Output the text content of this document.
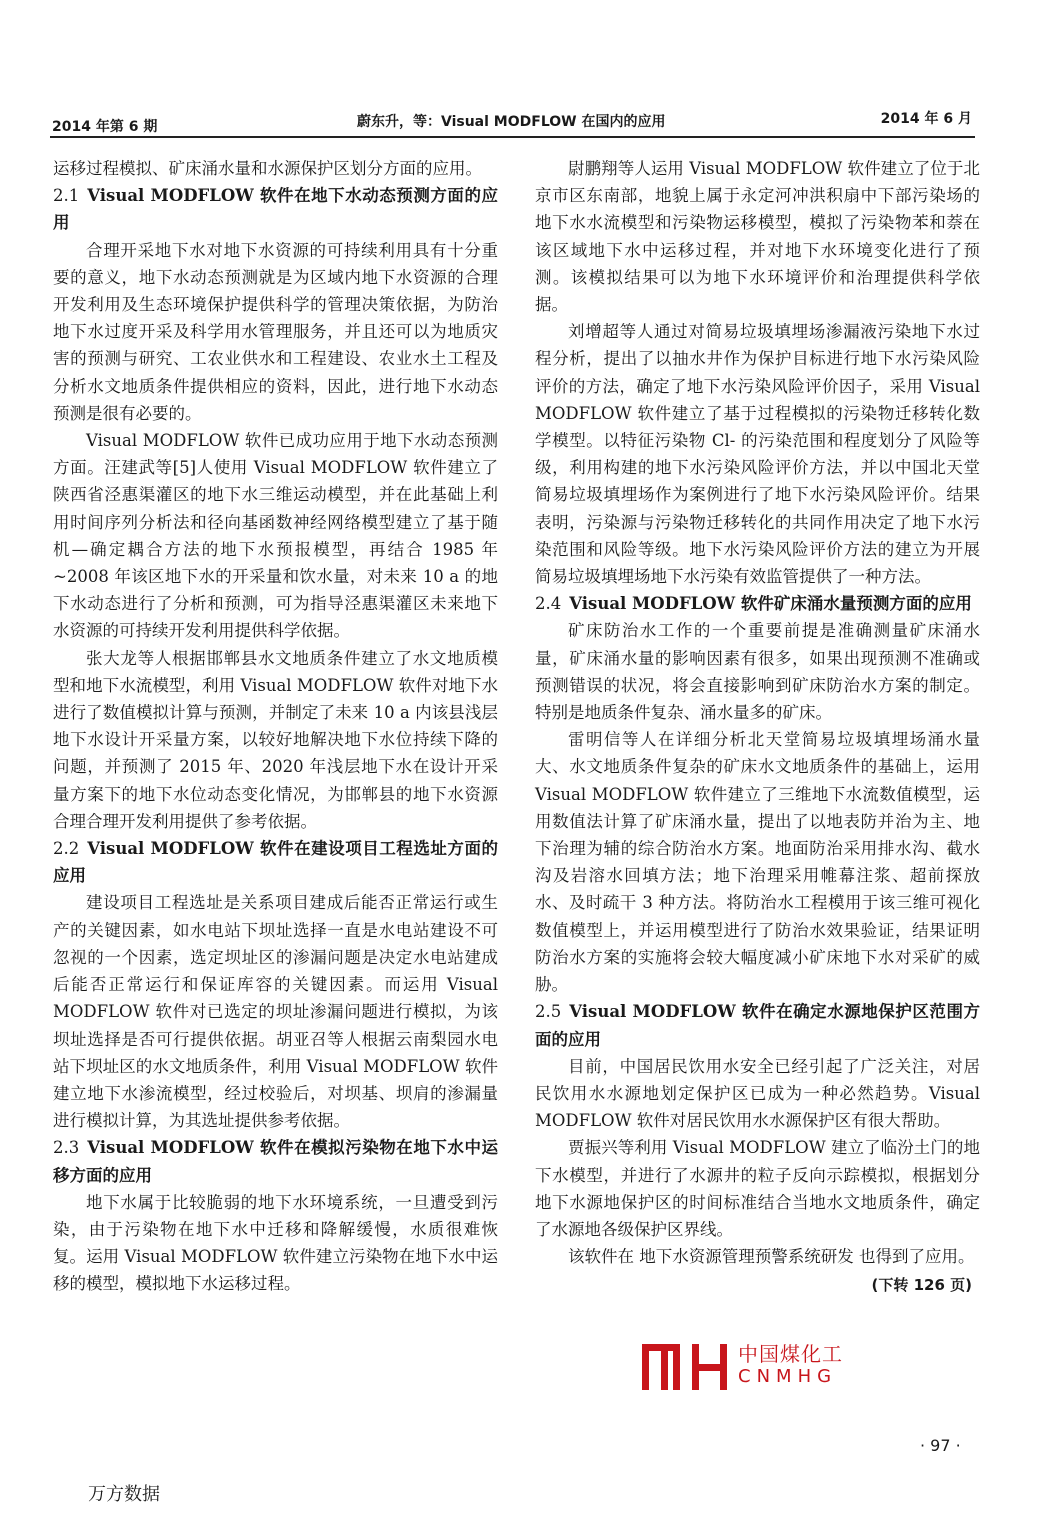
2014 年第 6 期	蔚东升，等：Visual MODFLOW 在国内的应用	2014 年 6 月

运移过程模拟、矿床涌水量和水源保护区划分方面的应用。

2.1 Visual MODFLOW 软件在地下水动态预测方面的应用

合理开采地下水对地下水资源的可持续利用具有十分重要的意义，地下水动态预测就是为区域内地下水资源的合理开发利用及生态环境保护提供科学的管理决策依据，为防治地下水过度开采及科学用水管理服务，并且还可以为地质灾害的预测与研究、工农业供水和工程建设、农业水土工程及分析水文地质条件提供相应的资料，因此，进行地下水动态预测是很有必要的。

Visual MODFLOW 软件已成功应用于地下水动态预测方面。汪建武等[5]人使用 Visual MODFLOW 软件建立了陕西省泾惠渠灌区的地下水三维运动模型，并在此基础上利用时间序列分析法和径向基函数神经网络模型建立了基于随机—确定耦合方法的地下水预报模型，再结合 1985 年 ~2008 年该区地下水的开采量和饮水量，对未来 10 a 的地下水动态进行了分析和预测，可为指导泾惠渠灌区未来地下水资源的可持续开发利用提供科学依据。

张大龙等人根据邯郸县水文地质条件建立了水文地质模型和地下水流模型，利用 Visual MODFLOW 软件对地下水进行了数值模拟计算与预测，并制定了未来 10 a 内该县浅层地下水设计开采量方案，以较好地解决地下水位持续下降的问题，并预测了 2015 年、2020 年浅层地下水在设计开采量方案下的地下水位动态变化情况，为邯郸县的地下水资源合理合理开发利用提供了参考依据。

2.2 Visual MODFLOW 软件在建设项目工程选址方面的应用

建设项目工程选址是关系项目建成后能否正常运行或生产的关键因素，如水电站下坝址选择一直是水电站建设不可忽视的一个因素，选定坝址区的渗漏问题是决定水电站建成后能否正常运行和保证库容的关键因素。而运用 Visual MODFLOW 软件对已选定的坝址渗漏问题进行模拟，为该坝址选择是否可行提供依据。胡亚召等人根据云南梨园水电站下坝址区的水文地质条件，利用 Visual MODFLOW 软件建立地下水渗流模型，经过校验后，对坝基、坝肩的渗漏量进行模拟计算，为其选址提供参考依据。

2.3 Visual MODFLOW 软件在模拟污染物在地下水中运移方面的应用

地下水属于比较脆弱的地下水环境系统，一旦遭受到污染，由于污染物在地下水中迁移和降解缓慢，水质很难恢复。运用 Visual MODFLOW 软件建立污染物在地下水中运移的模型，模拟地下水运移过程。

尉鹏翔等人运用 Visual MODFLOW 软件建立了位于北京市区东南部，地貌上属于永定河冲洪积扇中下部污染场的地下水水流模型和污染物运移模型，模拟了污染物苯和萘在该区域地下水中运移过程，并对地下水环境变化进行了预测。该模拟结果可以为地下水环境评价和治理提供科学依据。

刘增超等人通过对简易垃圾填埋场渗漏液污染地下水过程分析，提出了以抽水井作为保护目标进行地下水污染风险评价的方法，确定了地下水污染风险评价因子，采用 Visual MODFLOW 软件建立了基于过程模拟的污染物迁移转化数学模型。以特征污染物 Cl- 的污染范围和程度划分了风险等级，利用构建的地下水污染风险评价方法，并以中国北天堂简易垃圾填埋场作为案例进行了地下水污染风险评价。结果表明，污染源与污染物迁移转化的共同作用决定了地下水污染范围和风险等级。地下水污染风险评价方法的建立为开展简易垃圾填埋场地下水污染有效监管提供了一种方法。

2.4 Visual MODFLOW 软件矿床涌水量预测方面的应用

矿床防治水工作的一个重要前提是准确测量矿床涌水量，矿床涌水量的影响因素有很多，如果出现预测不准确或预测错误的状况，将会直接影响到矿床防治水方案的制定。特别是地质条件复杂、涌水量多的矿床。

雷明信等人在详细分析北天堂简易垃圾填埋场涌水量大、水文地质条件复杂的矿床水文地质条件的基础上，运用 Visual MODFLOW 软件建立了三维地下水流数值模型，运用数值法计算了矿床涌水量，提出了以地表防并治为主、地下治理为辅的综合防治水方案。地面防治采用排水沟、截水沟及岩溶水回填方法；地下治理采用帷幕注浆、超前探放水、及时疏干 3 种方法。将防治水工程模用于该三维可视化数值模型上，并运用模型进行了防治水效果验证，结果证明防治水方案的实施将会较大幅度减小矿床地下水对采矿的威胁。

2.5 Visual MODFLOW 软件在确定水源地保护区范围方面的应用

目前，中国居民饮用水安全已经引起了广泛关注，对居民饮用水水源地划定保护区已成为一种必然趋势。Visual MODFLOW 软件对居民饮用水水源保护区有很大帮助。

贾振兴等利用 Visual MODFLOW 建立了临汾土门的地下水模型，并进行了水源井的粒子反向示踪模拟，根据划分地下水源地保护区的时间标准结合当地水文地质条件，确定了水源地各级保护区界线。

该软件在 地下水资源管理预警系统研发 也得到了应用。

(下转 126 页)
中国煤化工
CNMHG
· 97 ·
万方数据
